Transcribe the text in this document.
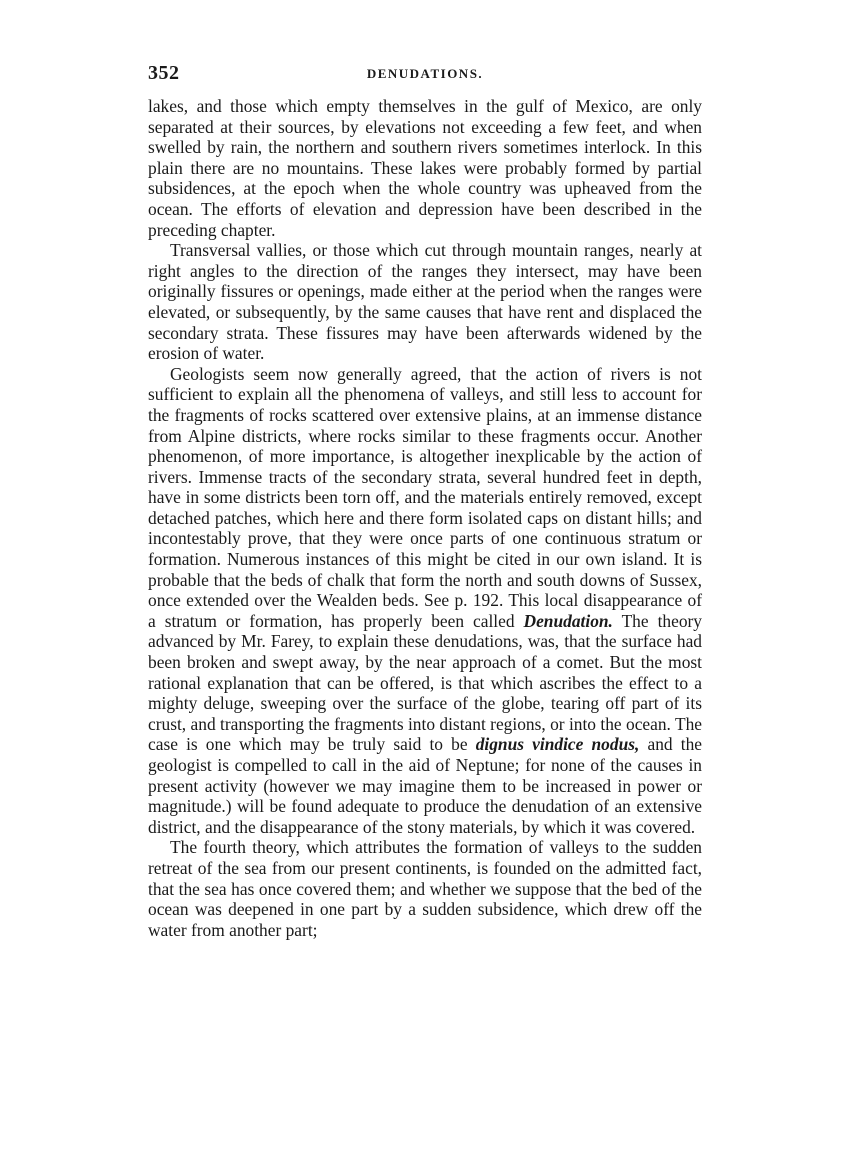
352	DENUDATIONS.

lakes, and those which empty themselves in the gulf of Mexico, are only separated at their sources, by elevations not exceeding a few feet, and when swelled by rain, the northern and southern rivers sometimes interlock. In this plain there are no mountains. These lakes were probably formed by partial subsidences, at the epoch when the whole country was upheaved from the ocean. The efforts of elevation and depression have been described in the preceding chapter.

Transversal vallies, or those which cut through mountain ranges, nearly at right angles to the direction of the ranges they intersect, may have been originally fissures or openings, made either at the period when the ranges were elevated, or subsequently, by the same causes that have rent and displaced the secondary strata. These fissures may have been afterwards widened by the erosion of water.

Geologists seem now generally agreed, that the action of rivers is not sufficient to explain all the phenomena of valleys, and still less to account for the fragments of rocks scattered over extensive plains, at an immense distance from Alpine districts, where rocks similar to these fragments occur. Another phenomenon, of more importance, is altogether inexplicable by the action of rivers. Immense tracts of the secondary strata, several hundred feet in depth, have in some districts been torn off, and the materials entirely removed, except detached patches, which here and there form isolated caps on distant hills; and incontestably prove, that they were once parts of one continuous stratum or formation. Numerous instances of this might be cited in our own island. It is probable that the beds of chalk that form the north and south downs of Sussex, once extended over the Wealden beds. See p. 192. This local disappearance of a stratum or formation, has properly been called Denudation. The theory advanced by Mr. Farey, to explain these denudations, was, that the surface had been broken and swept away, by the near approach of a comet. But the most rational explanation that can be offered, is that which ascribes the effect to a mighty deluge, sweeping over the surface of the globe, tearing off part of its crust, and transporting the fragments into distant regions, or into the ocean. The case is one which may be truly said to be dignus vindice nodus, and the geologist is compelled to call in the aid of Neptune; for none of the causes in present activity (however we may imagine them to be increased in power or magnitude.) will be found adequate to produce the denudation of an extensive district, and the disappearance of the stony materials, by which it was covered.

The fourth theory, which attributes the formation of valleys to the sudden retreat of the sea from our present continents, is founded on the admitted fact, that the sea has once covered them; and whether we suppose that the bed of the ocean was deepened in one part by a sudden subsidence, which drew off the water from another part;
